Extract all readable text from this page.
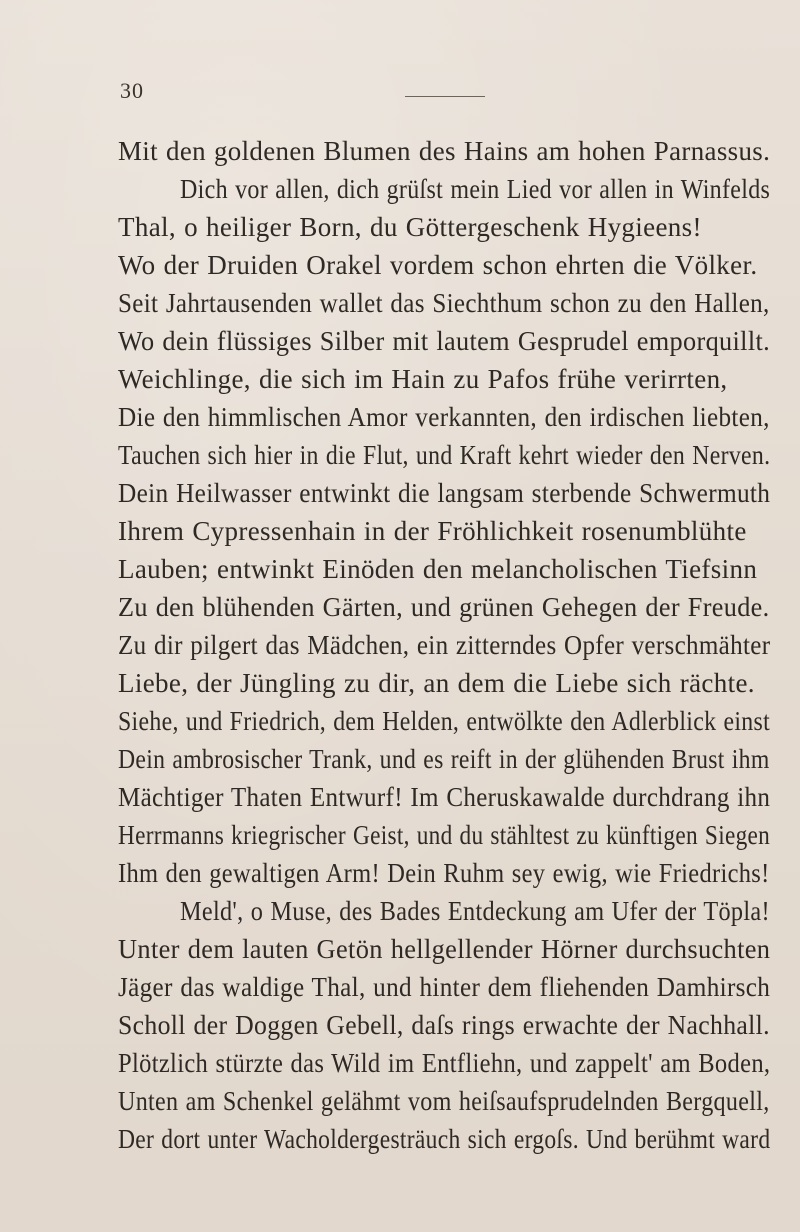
30
Mit den goldenen Blumen des Hains am hohen Parnassus.
Dich vor allen, dich grüſst mein Lied vor allen in Winfelds
Thal, o heiliger Born, du Göttergeschenk Hygieens!
Wo der Druiden Orakel vordem schon ehrten die Völker.
Seit Jahrtausenden wallet das Siechthum schon zu den Hallen,
Wo dein flüssiges Silber mit lautem Gesprudel emporquillt.
Weichlinge, die sich im Hain zu Pafos frühe verirrten,
Die den himmlischen Amor verkannten, den irdischen liebten,
Tauchen sich hier in die Flut, und Kraft kehrt wieder den Nerven.
Dein Heilwasser entwinkt die langsam sterbende Schwermuth
Ihrem Cypressenhain in der Fröhlichkeit rosenumblühte
Lauben; entwinkt Einöden den melancholischen Tiefsinn
Zu den blühenden Gärten, und grünen Gehegen der Freude.
Zu dir pilgert das Mädchen, ein zitterndes Opfer verschmähter
Liebe, der Jüngling zu dir, an dem die Liebe sich rächte.
Siehe, und Friedrich, dem Helden, entwölkte den Adlerblick einst
Dein ambrosischer Trank, und es reift in der glühenden Brust ihm
Mächtiger Thaten Entwurf! Im Cheruskawalde durchdrang ihn
Herrmanns kriegrischer Geist, und du stähltest zu künftigen Siegen
Ihm den gewaltigen Arm! Dein Ruhm sey ewig, wie Friedrichs!
Meld', o Muse, des Bades Entdeckung am Ufer der Töpla!
Unter dem lauten Getön hellgellender Hörner durchsuchten
Jäger das waldige Thal, und hinter dem fliehenden Damhirsch
Scholl der Doggen Gebell, daſs rings erwachte der Nachhall.
Plötzlich stürzte das Wild im Entfliehn, und zappelt' am Boden,
Unten am Schenkel gelähmt vom heiſsaufsprudelnden Bergquell,
Der dort unter Wacholdergesträuch sich ergoſs. Und berühmt ward
